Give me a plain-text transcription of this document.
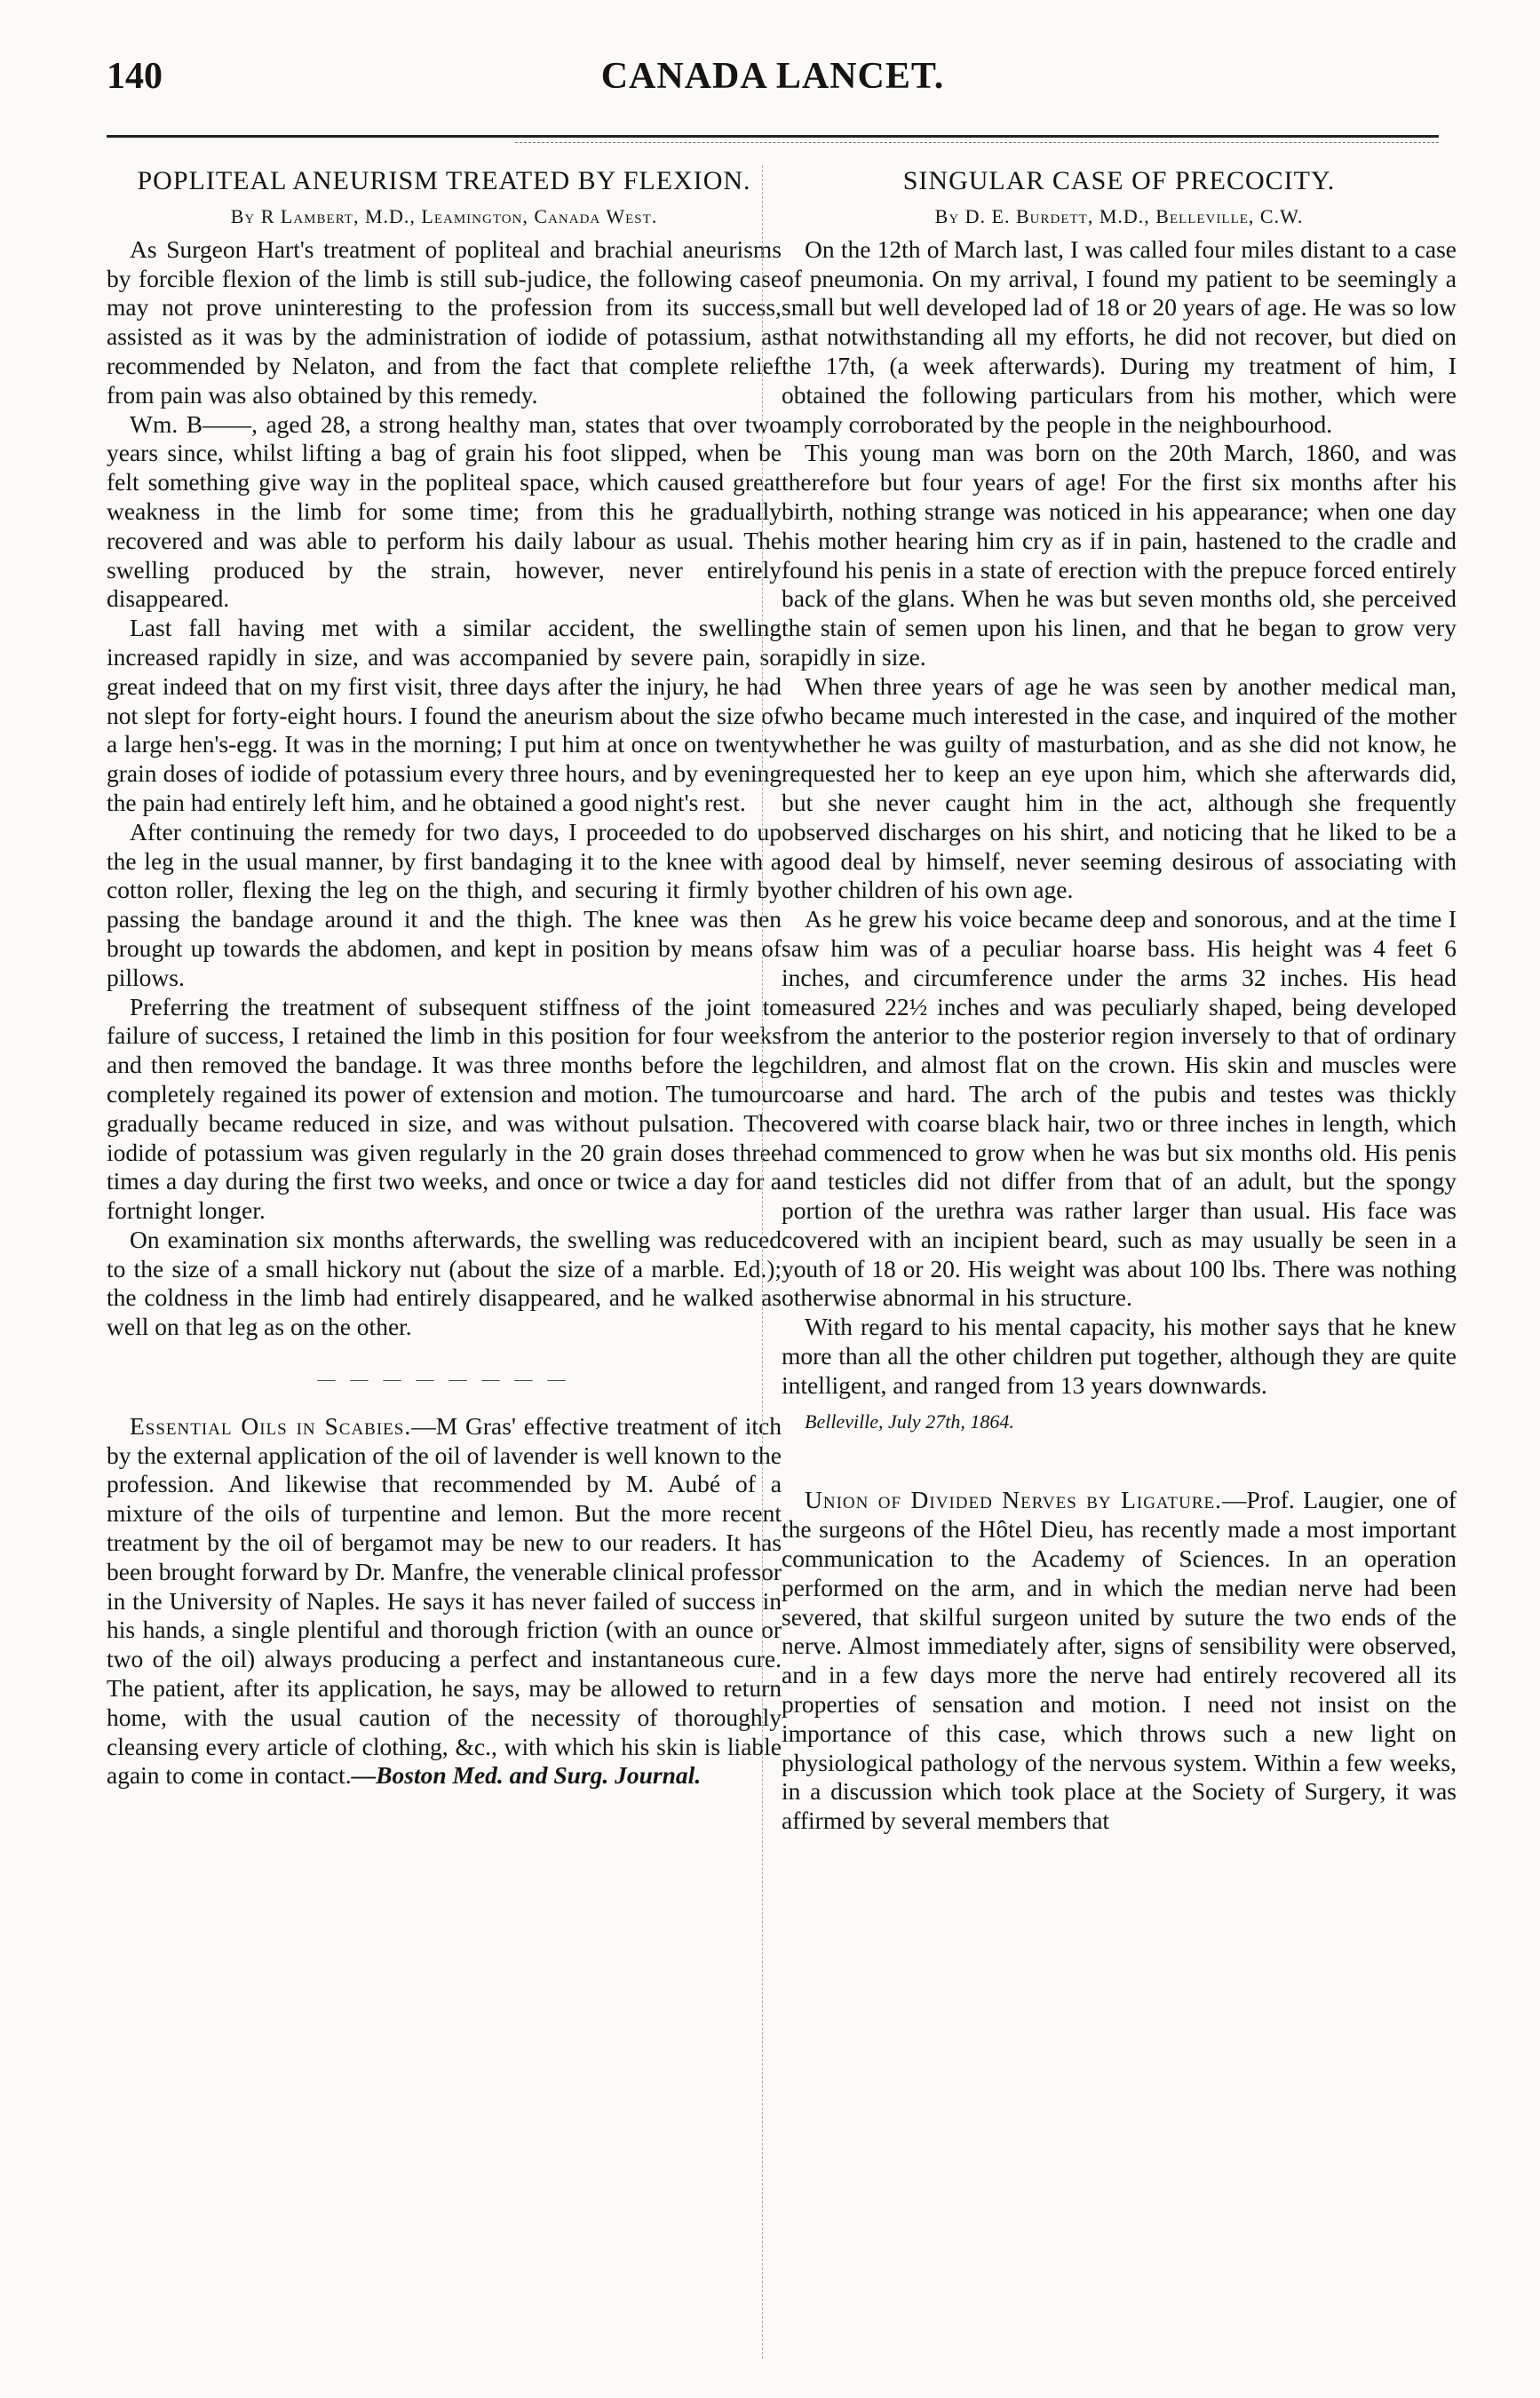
140	CANADA LANCET.
POPLITEAL ANEURISM TREATED BY FLEXION.
By R Lambert, M.D., Leamington, Canada West.

As Surgeon Hart's treatment of popliteal and brachial aneurisms by forcible flexion of the limb is still sub-judice, the following case may not prove uninteresting to the profession from its success, assisted as it was by the administration of iodide of potassium, as recommended by Nelaton, and from the fact that complete relief from pain was also obtained by this remedy.

Wm. B——, aged 28, a strong healthy man, states that over two years since, whilst lifting a bag of grain his foot slipped, when be felt something give way in the popliteal space, which caused great weakness in the limb for some time; from this he gradually recovered and was able to perform his daily labour as usual. The swelling produced by the strain, however, never entirely disappeared.

Last fall having met with a similar accident, the swelling increased rapidly in size, and was accompanied by severe pain, so great indeed that on my first visit, three days after the injury, he had not slept for forty-eight hours. I found the aneurism about the size of a large hen's-egg. It was in the morning; I put him at once on twenty grain doses of iodide of potassium every three hours, and by evening the pain had entirely left him, and he obtained a good night's rest.

After continuing the remedy for two days, I proceeded to do up the leg in the usual manner, by first bandaging it to the knee with a cotton roller, flexing the leg on the thigh, and securing it firmly by passing the bandage around it and the thigh. The knee was then brought up towards the abdomen, and kept in position by means of pillows.

Preferring the treatment of subsequent stiffness of the joint to failure of success, I retained the limb in this position for four weeks and then removed the bandage. It was three months before the leg completely regained its power of extension and motion. The tumour gradually became reduced in size, and was without pulsation. The iodide of potassium was given regularly in the 20 grain doses three times a day during the first two weeks, and once or twice a day for a fortnight longer.

On examination six months afterwards, the swelling was reduced to the size of a small hickory nut (about the size of a marble. Ed.); the coldness in the limb had entirely disappeared, and he walked as well on that leg as on the other.

— — — — — — — —

Essential Oils in Scabies.—M Gras' effective treatment of itch by the external application of the oil of lavender is well known to the profession. And likewise that recommended by M. Aubé of a mixture of the oils of turpentine and lemon. But the more recent treatment by the oil of bergamot may be new to our readers. It has been brought forward by Dr. Manfre, the venerable clinical professor in the University of Naples. He says it has never failed of success in his hands, a single plentiful and thorough friction (with an ounce or two of the oil) always producing a perfect and instantaneous cure. The patient, after its application, he says, may be allowed to return home, with the usual caution of the necessity of thoroughly cleansing every article of clothing, &c., with which his skin is liable again to come in contact.—Boston Med. and Surg. Journal.

SINGULAR CASE OF PRECOCITY.
By D. E. Burdett, M.D., Belleville, C.W.

On the 12th of March last, I was called four miles distant to a case of pneumonia. On my arrival, I found my patient to be seemingly a small but well developed lad of 18 or 20 years of age. He was so low that notwithstanding all my efforts, he did not recover, but died on the 17th, (a week afterwards). During my treatment of him, I obtained the following particulars from his mother, which were amply corroborated by the people in the neighbourhood.

This young man was born on the 20th March, 1860, and was therefore but four years of age! For the first six months after his birth, nothing strange was noticed in his appearance; when one day his mother hearing him cry as if in pain, hastened to the cradle and found his penis in a state of erection with the prepuce forced entirely back of the glans. When he was but seven months old, she perceived the stain of semen upon his linen, and that he began to grow very rapidly in size.

When three years of age he was seen by another medical man, who became much interested in the case, and inquired of the mother whether he was guilty of masturbation, and as she did not know, he requested her to keep an eye upon him, which she afterwards did, but she never caught him in the act, although she frequently observed discharges on his shirt, and noticing that he liked to be a good deal by himself, never seeming desirous of associating with other children of his own age.

As he grew his voice became deep and sonorous, and at the time I saw him was of a peculiar hoarse bass. His height was 4 feet 6 inches, and circumference under the arms 32 inches. His head measured 22½ inches and was peculiarly shaped, being developed from the anterior to the posterior region inversely to that of ordinary children, and almost flat on the crown. His skin and muscles were coarse and hard. The arch of the pubis and testes was thickly covered with coarse black hair, two or three inches in length, which had commenced to grow when he was but six months old. His penis and testicles did not differ from that of an adult, but the spongy portion of the urethra was rather larger than usual. His face was covered with an incipient beard, such as may usually be seen in a youth of 18 or 20. His weight was about 100 lbs. There was nothing otherwise abnormal in his structure.

With regard to his mental capacity, his mother says that he knew more than all the other children put together, although they are quite intelligent, and ranged from 13 years downwards.

Belleville, July 27th, 1864.

Union of Divided Nerves by Ligature.—Prof. Laugier, one of the surgeons of the Hôtel Dieu, has recently made a most important communication to the Academy of Sciences. In an operation performed on the arm, and in which the median nerve had been severed, that skilful surgeon united by suture the two ends of the nerve. Almost immediately after, signs of sensibility were observed, and in a few days more the nerve had entirely recovered all its properties of sensation and motion. I need not insist on the importance of this case, which throws such a new light on physiological pathology of the nervous system. Within a few weeks, in a discussion which took place at the Society of Surgery, it was affirmed by several members that
